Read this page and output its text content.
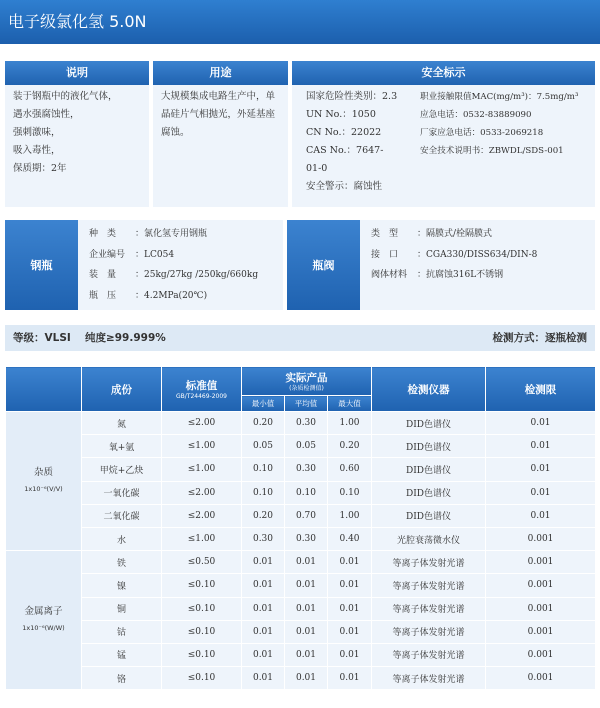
电子级氯化氢 5.0N
说明	用途	安全标示
装于钢瓶中的液化气体，
遇水强腐蚀性，
强刺激味，
吸入毒性，
保质期：2年
大规模集成电路生产中，单
晶硅片气相抛光，外延基座
腐蚀。
国家危险性类别：2.3
UN No.：1050
CN No.：22022
CAS No.：7647-01-0
安全警示：腐蚀性
职业接触限值MAC(mg/m³)：7.5mg/m³
应急电话：0532-83889090
厂家应急电话：0533-2069218
安全技术说明书：ZBWDL/SDS-001
钢瓶
种　类 ：氯化氢专用钢瓶
企业编号 ：LC054
装　量 ：25kg/27kg /250kg/660kg
瓶　压 ：4.2MPa(20℃)
瓶阀
类　型 ：隔膜式/栓隔膜式
接　口 ：CGA330/DISS634/DIN-8
阀体材料 ：抗腐蚀316L不锈钢
等级：VLSI　 纯度≥99.999%	检测方式：逐瓶检测
	成份	标准值
GB/T24469-2009	实际产品
(杂质检测值)			检测仪器	检测限
			最小值	平均值	最大值		

杂质
1x10⁻⁶(V/V)	氮	≤2.00	0.20	0.30	1.00	DID色谱仪	0.01
	氧+氩	≤1.00	0.05	0.05	0.20	DID色谱仪	0.01
	甲烷+乙炔	≤1.00	0.10	0.30	0.60	DID色谱仪	0.01
	一氧化碳	≤2.00	0.10	0.10	0.10	DID色谱仪	0.01
	二氧化碳	≤2.00	0.20	0.70	1.00	DID色谱仪	0.01
	水	≤1.00	0.30	0.30	0.40	光腔衰荡微水仪	0.001

金属离子
1x10⁻⁶(W/W)	铁	≤0.50	0.01	0.01	0.01	等离子体发射光谱	0.001
	镍	≤0.10	0.01	0.01	0.01	等离子体发射光谱	0.001
	铜	≤0.10	0.01	0.01	0.01	等离子体发射光谱	0.001
	钴	≤0.10	0.01	0.01	0.01	等离子体发射光谱	0.001
	锰	≤0.10	0.01	0.01	0.01	等离子体发射光谱	0.001
	铬	≤0.10	0.01	0.01	0.01	等离子体发射光谱	0.001
